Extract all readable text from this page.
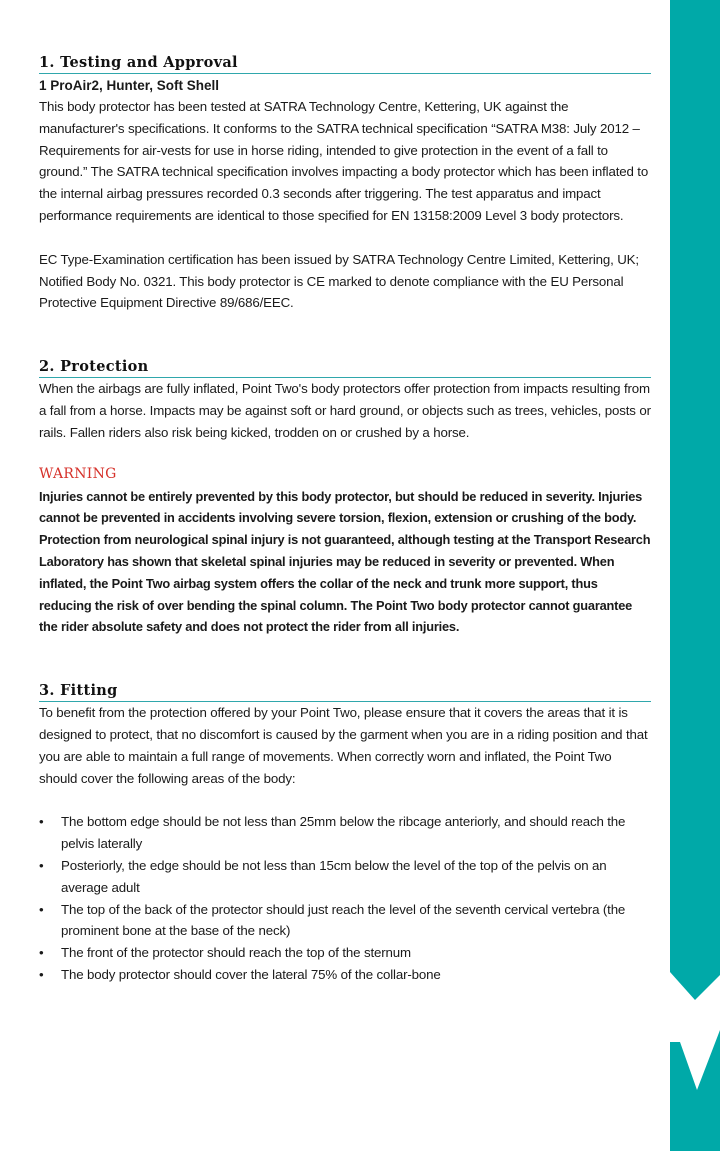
1. Testing and Approval
1 ProAir2, Hunter, Soft Shell

This body protector has been tested at SATRA Technology Centre, Kettering, UK against the manufacturer's specifications. It conforms to the SATRA technical specification “SATRA M38: July 2012 – Requirements for air-vests for use in horse riding, intended to give protection in the event of a fall to ground.” The SATRA technical specification involves impacting a body protector which has been inflated to the internal airbag pressures recorded 0.3 seconds after triggering. The test apparatus and impact performance requirements are identical to those specified for EN 13158:2009 Level 3 body protectors.

EC Type-Examination certification has been issued by SATRA Technology Centre Limited, Kettering, UK; Notified Body No. 0321. This body protector is CE marked to denote compliance with the EU Personal Protective Equipment Directive 89/686/EEC.

2. Protection

When the airbags are fully inflated, Point Two's body protectors offer protection from impacts resulting from a fall from a horse. Impacts may be against soft or hard ground, or objects such as trees, vehicles, posts or rails. Fallen riders also risk being kicked, trodden on or crushed by a horse.

WARNING

Injuries cannot be entirely prevented by this body protector, but should be reduced in severity. Injuries cannot be prevented in accidents involving severe torsion, flexion, extension or crushing of the body. Protection from neurological spinal injury is not guaranteed, although testing at the Transport Research Laboratory has shown that skeletal spinal injuries may be reduced in severity or prevented. When inflated, the Point Two airbag system offers the collar of the neck and trunk more support, thus reducing the risk of over bending the spinal column. The Point Two body protector cannot guarantee the rider absolute safety and does not protect the rider from all injuries.

3. Fitting

To benefit from the protection offered by your Point Two, please ensure that it covers the areas that it is designed to protect, that no discomfort is caused by the garment when you are in a riding position and that you are able to maintain a full range of movements. When correctly worn and inflated, the Point Two should cover the following areas of the body:

• The bottom edge should be not less than 25mm below the ribcage anteriorly, and should reach the pelvis laterally
• Posteriorly, the edge should be not less than 15cm below the level of the top of the pelvis on an average adult
• The top of the back of the protector should just reach the level of the seventh cervical vertebra (the prominent bone at the base of the neck)
• The front of the protector should reach the top of the sternum
• The body protector should cover the lateral 75% of the collar-bone
